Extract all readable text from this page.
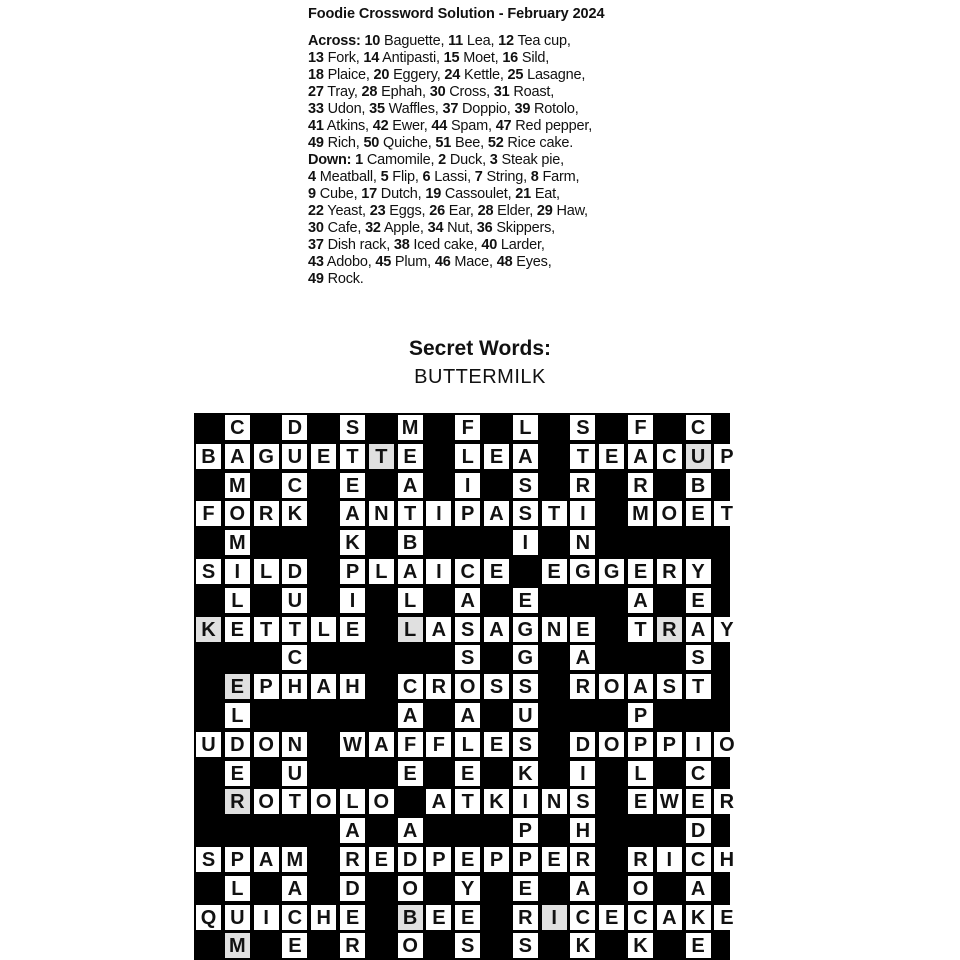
Foodie Crossword Solution - February 2024
Across: 10 Baguette, 11 Lea, 12 Tea cup,
13 Fork, 14 Antipasti, 15 Moet, 16 Sild,
18 Plaice, 20 Eggery, 24 Kettle, 25 Lasagne,
27 Tray, 28 Ephah, 30 Cross, 31 Roast,
33 Udon, 35 Waffles, 37 Doppio, 39 Rotolo,
41 Atkins, 42 Ewer, 44 Spam, 47 Red pepper,
49 Rich, 50 Quiche, 51 Bee, 52 Rice cake.
Down: 1 Camomile, 2 Duck, 3 Steak pie,
4 Meatball, 5 Flip, 6 Lassi, 7 String, 8 Farm,
9 Cube, 17 Dutch, 19 Cassoulet, 21 Eat,
22 Yeast, 23 Eggs, 26 Ear, 28 Elder, 29 Haw,
30 Cafe, 32 Apple, 34 Nut, 36 Skippers,
37 Dish rack, 38 Iced cake, 40 Larder,
43 Adobo, 45 Plum, 46 Mace, 48 Eyes,
49 Rock.
Secret Words:
BUTTERMILK
C D S M	F	L	S	F	C
B A G U E T T E	L E A	T E A C U P
M C E A	I	S R R B
F O R K A N T I P A S T I	M O E T
M	K B	I	N
S I L D P L A I C E E G G E R Y
L	U	I	L	A E	A E
K E T T L E	L A S A G N E	T R A Y
C	S G A	S
E P H A H C R O S S R O A S T
L	A A U	P
U D O N W A F F L E S D O P P I O
E U	E E K	I	L	C
R O T O L O A T K I N S E W E R
A A	P H	D
S P A M R E D P E P P E R R I C H
L	A D O Y E A O A
Q U I C H E B E E R I C E C A K E
M E R O S S K K E
